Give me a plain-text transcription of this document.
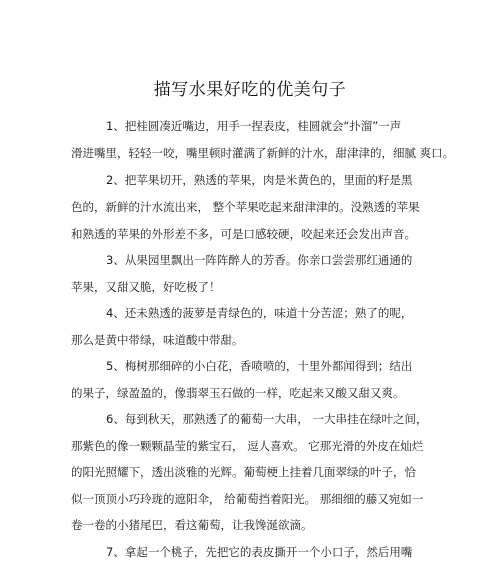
描写水果好吃的优美句子
1、把桂圆凑近嘴边，用手一捏表皮，桂圆就会“扑溜”一声
滑进嘴里，轻轻一咬，嘴里顿时灌满了新鲜的汁水，甜津津的，细腻 爽口。
2、把苹果切开，熟透的苹果，肉是米黄色的，里面的籽是黑
色的，新鲜的汁水流出来， 整个苹果吃起来甜津津的。没熟透的苹果
和熟透的苹果的外形差不多，可是口感较硬，咬起来还会发出声音。
3、从果园里飘出一阵阵醉人的芳香。你亲口尝尝那红通通的
苹果，又甜又脆，好吃极了！
4、还未熟透的菠萝是青绿色的，味道十分苦涩；熟了的呢，
那么是黄中带绿，味道酸中带甜。
5、梅树那细碎的小白花，香喷喷的，十里外都闻得到；结出
的果子，绿盈盈的，像翡翠玉石做的一样，吃起来又酸又甜又爽。
6、每到秋天，那熟透了的葡萄一大串， 一大串挂在绿叶之间，
那紫色的像一颗颗晶莹的紫宝石， 逗人喜欢。 它那光滑的外皮在灿烂
的阳光照耀下，透出淡雅的光辉。葡萄梗上挂着几面翠绿的叶子，恰
似一顶顶小巧玲珑的遮阳伞， 给葡萄挡着阳光。 那细细的藤又宛如一
卷一卷的小猪尾巴，看这葡萄，让我馋涎欲滴。
7、拿起一个桃子，先把它的表皮撕开一个小口子，然后用嘴
